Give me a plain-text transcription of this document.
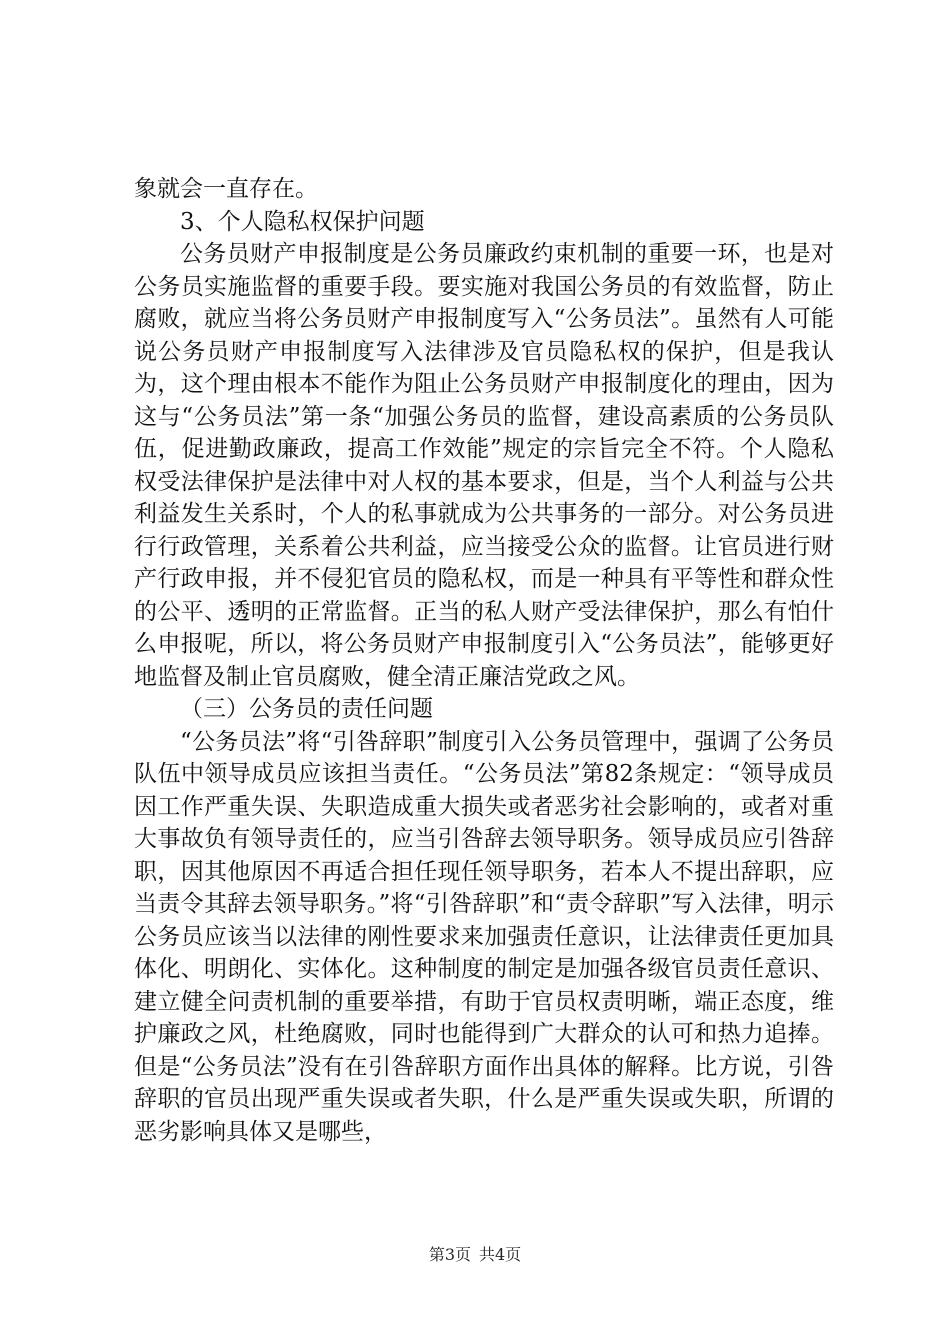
象就会一直存在。

3、个人隐私权保护问题

公务员财产申报制度是公务员廉政约束机制的重要一环，也是对公务员实施监督的重要手段。要实施对我国公务员的有效监督，防止腐败，就应当将公务员财产申报制度写入“公务员法”。虽然有人可能说公务员财产申报制度写入法律涉及官员隐私权的保护，但是我认为，这个理由根本不能作为阻止公务员财产申报制度化的理由，因为这与“公务员法”第一条“加强公务员的监督，建设高素质的公务员队伍，促进勤政廉政，提高工作效能”规定的宗旨完全不符。个人隐私权受法律保护是法律中对人权的基本要求，但是，当个人利益与公共利益发生关系时，个人的私事就成为公共事务的一部分。对公务员进行行政管理，关系着公共利益，应当接受公众的监督。让官员进行财产行政申报，并不侵犯官员的隐私权，而是一种具有平等性和群众性的公平、透明的正常监督。正当的私人财产受法律保护，那么有怕什么申报呢，所以，将公务员财产申报制度引入“公务员法”，能够更好地监督及制止官员腐败，健全清正廉洁党政之风。

（三）公务员的责任问题

“公务员法”将“引咎辞职”制度引入公务员管理中，强调了公务员队伍中领导成员应该担当责任。“公务员法”第82条规定：“领导成员因工作严重失误、失职造成重大损失或者恶劣社会影响的，或者对重大事故负有领导责任的，应当引咎辞去领导职务。领导成员应引咎辞职，因其他原因不再适合担任现任领导职务，若本人不提出辞职，应当责令其辞去领导职务。”将“引咎辞职”和“责令辞职”写入法律，明示公务员应该当以法律的刚性要求来加强责任意识，让法律责任更加具体化、明朗化、实体化。这种制度的制定是加强各级官员责任意识、建立健全问责机制的重要举措，有助于官员权责明晰，端正态度，维护廉政之风，杜绝腐败，同时也能得到广大群众的认可和热力追捧。但是“公务员法”没有在引咎辞职方面作出具体的解释。比方说，引咎辞职的官员出现严重失误或者失职，什么是严重失误或失职，所谓的恶劣影响具体又是哪些，

第3页 共4页
